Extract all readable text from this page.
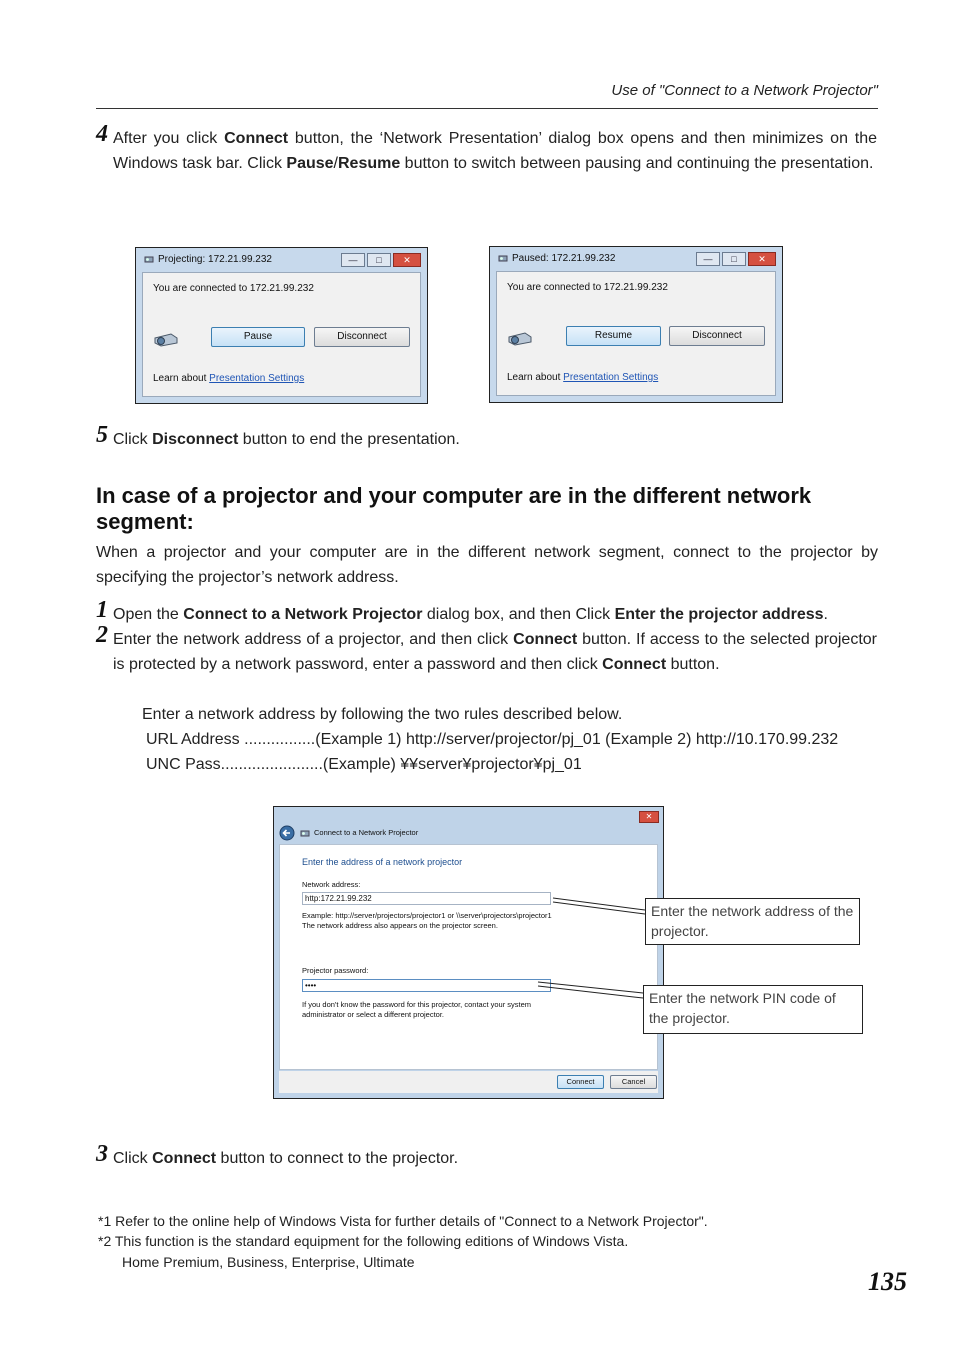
Use of "Connect to a Network Projector"
4 After you click Connect button, the ‘Network Presentation’ dialog box opens and then minimizes on the Windows task bar. Click Pause/Resume button to switch between pausing and continuing the presentation.
Projecting: 172.21.99.232	—	□	✕
You are connected to 172.21.99.232
Pause	Disconnect
Learn about Presentation Settings
Paused: 172.21.99.232	—	□	✕
You are connected to 172.21.99.232
Resume	Disconnect
Learn about Presentation Settings
5 Click Disconnect button to end the presentation.
In case of a projector and your computer are in the different network segment:
When a projector and your computer are in the different network segment, connect to the projector by specifying the projector’s network address.
1 Open the Connect to a Network Projector dialog box, and then Click Enter the projector address.
2 Enter the network address of a projector, and then click Connect button. If access to the selected projector is protected by a network password, enter a password and then click Connect button.
Enter a network address by following the two rules described below.
URL Address ................(Example 1) http://server/projector/pj_01 (Example 2) http://10.170.99.232
UNC Pass.......................(Example) ¥¥server¥projector¥pj_01
Connect to a Network Projector
✕
Enter the address of a network projector
Network address:
http:172.21.99.232
Example: http://server/projectors/projector1 or \\server\projectors\projector1
The network address also appears on the projector screen.
Projector password:
••••
If you don't know the password for this projector, contact your system
administrator or select a different projector.
Connect	Cancel
Enter the network address of the projector.
Enter the network PIN code of the projector.
3 Click Connect button to connect to the projector.
*1 Refer to the online help of Windows Vista for further details of "Connect to a Network Projector".
*2 This function is the standard equipment for the following editions of Windows Vista.
Home Premium, Business, Enterprise, Ultimate
135
